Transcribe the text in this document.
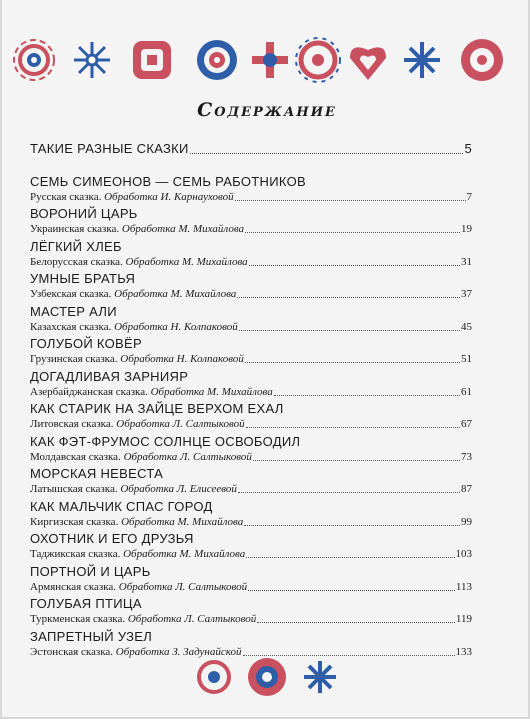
Содержание
ТАКИЕ РАЗНЫЕ СКАЗКИ	5
СЕМЬ СИМЕОНОВ — СЕМЬ РАБОТНИКОВ
Русская сказка.
Обработка И. Карнауховой	7
ВОРОНИЙ ЦАРЬ
Украинская сказка.
Обработка М. Михайлова	19
ЛЁГКИЙ ХЛЕБ
Белорусская сказка.
Обработка М. Михайлова	31
УМНЫЕ БРАТЬЯ
Узбекская сказка.
Обработка М. Михайлова	37
МАСТЕР АЛИ
Казахская сказка.
Обработка Н. Колпаковой	45
ГОЛУБОЙ КОВЁР
Грузинская сказка.
Обработка Н. Колпаковой	51
ДОГАДЛИВАЯ ЗАРНИЯР
Азербайджанская сказка.
Обработка М. Михайлова	61
КАК СТАРИК НА ЗАЙЦЕ ВЕРХОМ ЕХАЛ
Литовская сказка.
Обработка Л. Салтыковой	67
КАК ФЭТ-ФРУМОС СОЛНЦЕ ОСВОБОДИЛ
Молдавская сказка.
Обработка Л. Салтыковой	73
МОРСКАЯ НЕВЕСТА
Латышская сказка.
Обработка Л. Елисеевой	87
КАК МАЛЬЧИК СПАС ГОРОД
Киргизская сказка.
Обработка М. Михайлова	99
ОХОТНИК И ЕГО ДРУЗЬЯ
Таджикская сказка.
Обработка М. Михайлова	103
ПОРТНОЙ И ЦАРЬ
Армянская сказка.
Обработка Л. Салтыковой	113
ГОЛУБАЯ ПТИЦА
Туркменская сказка.
Обработка Л. Салтыковой	119
ЗАПРЕТНЫЙ УЗЕЛ
Эстонская сказка.
Обработка З. Задунайской	133
